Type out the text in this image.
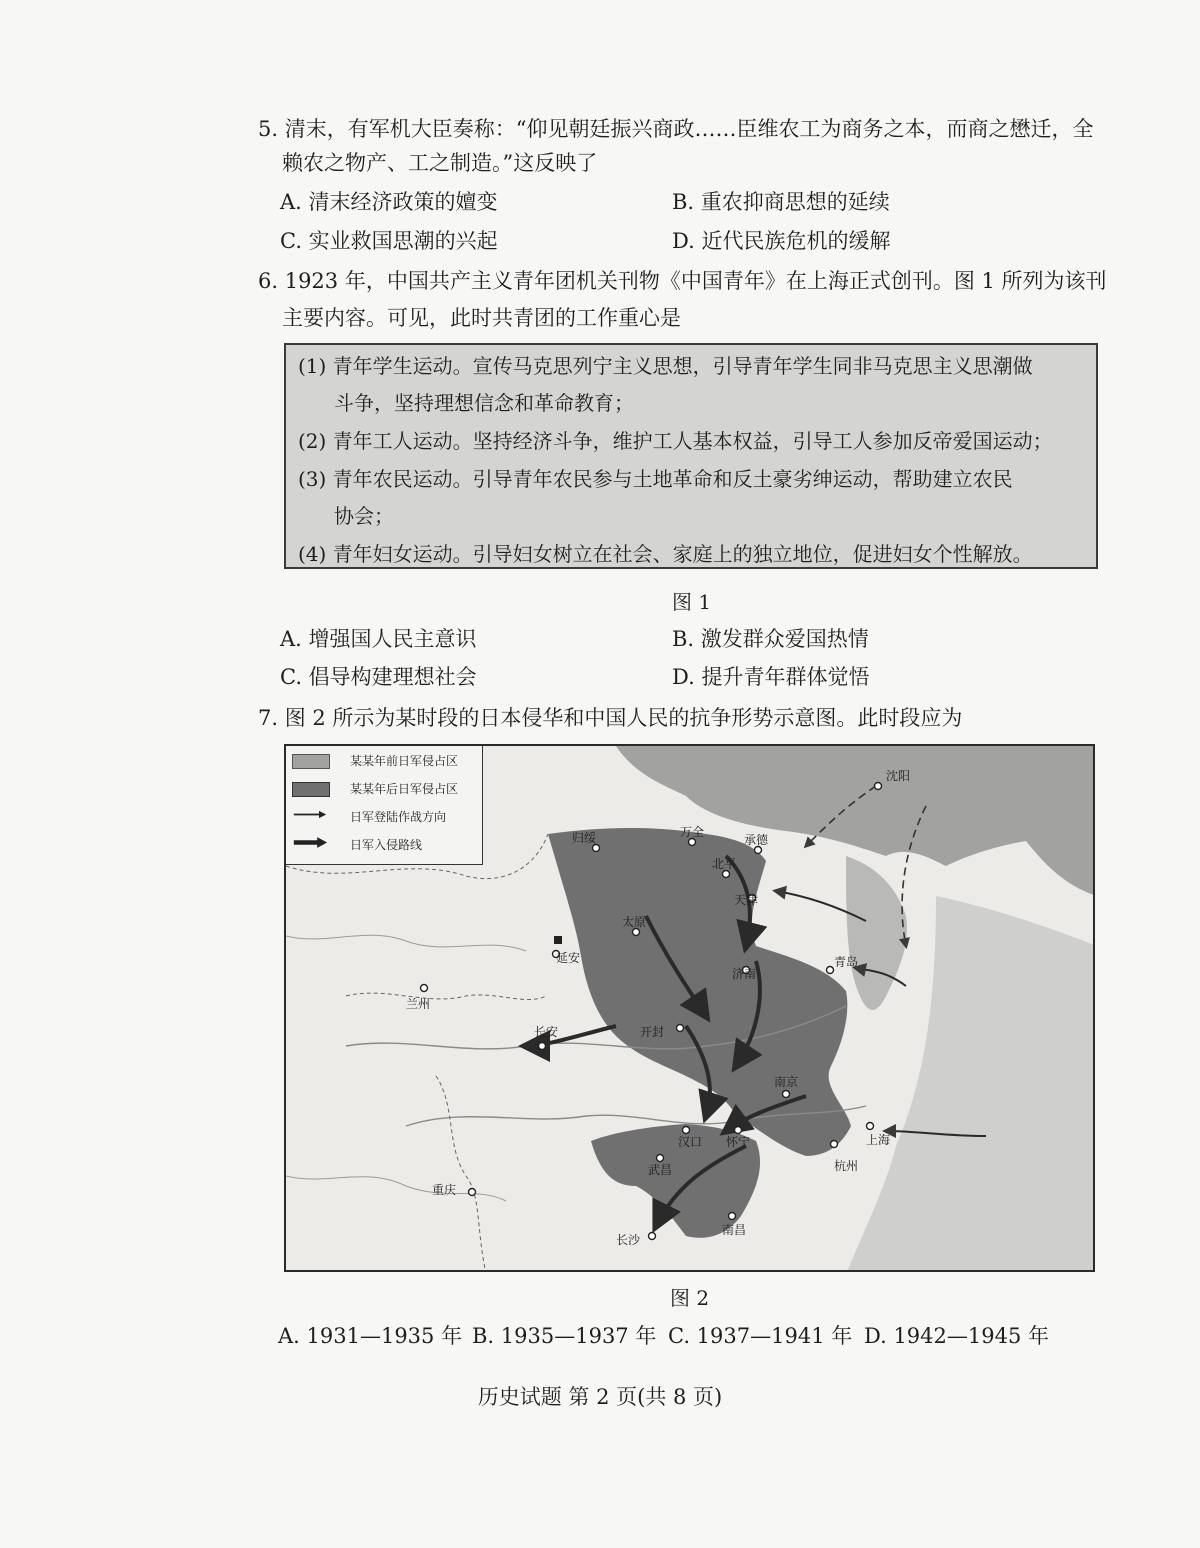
5. 清末，有军机大臣奏称：“仰见朝廷振兴商政……臣维农工为商务之本，而商之懋迁，全
赖农之物产、工之制造。”这反映了
A. 清末经济政策的嬗变	B. 重农抑商思想的延续
C. 实业救国思潮的兴起	D. 近代民族危机的缓解
6. 1923 年，中国共产主义青年团机关刊物《中国青年》在上海正式创刊。图 1 所列为该刊
主要内容。可见，此时共青团的工作重心是
(1) 青年学生运动。宣传马克思列宁主义思想，引导青年学生同非马克思主义思潮做
斗争，坚持理想信念和革命教育；
(2) 青年工人运动。坚持经济斗争，维护工人基本权益，引导工人参加反帝爱国运动；
(3) 青年农民运动。引导青年农民参与土地革命和反土豪劣绅运动，帮助建立农民
协会；
(4) 青年妇女运动。引导妇女树立在社会、家庭上的独立地位，促进妇女个性解放。
图 1
A. 增强国人民主意识	B. 激发群众爱国热情
C. 倡导构建理想社会	D. 提升青年群体觉悟
7. 图 2 所示为某时段的日本侵华和中国人民的抗争形势示意图。此时段应为
沈阳
归绥	万全
承德
北平
天津
太原
延安
济南
青岛
兰州
长安	开封
南京
上海
杭州
汉口 怀宁
武昌
重庆
南昌
长沙
某某年前日军侵占区
某某年后日军侵占区
日军登陆作战方向
日军入侵路线
图 2
A. 1931—1935 年 B. 1935—1937 年 C. 1937—1941 年 D. 1942—1945 年
历史试题 第 2 页(共 8 页)
